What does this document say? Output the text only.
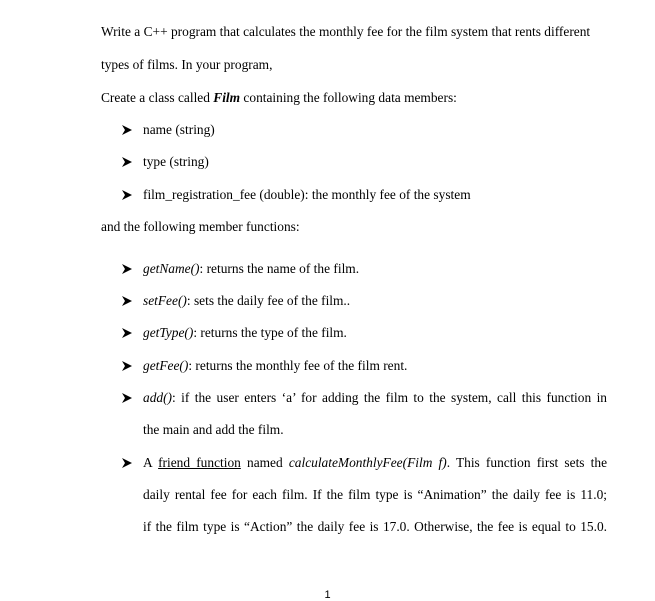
Write a C++ program that calculates the monthly fee for the film system that rents different
types of films. In your program,
Create a class called Film containing the following data members:
name (string)
type (string)
film_registration_fee (double): the monthly fee of the system
and the following member functions:
getName(): returns the name of the film.
setFee(): sets the daily fee of the film..
getType(): returns the type of the film.
getFee(): returns the monthly fee of the film rent.
add(): if the user enters ‘a’ for adding the film to the system, call this function in
the main and add the film.
A friend function named calculateMonthlyFee(Film f). This function first sets the
daily rental fee for each film. If the film type is “Animation” the daily fee is 11.0;
if the film type is “Action” the daily fee is 17.0. Otherwise, the fee is equal to 15.0.
1
